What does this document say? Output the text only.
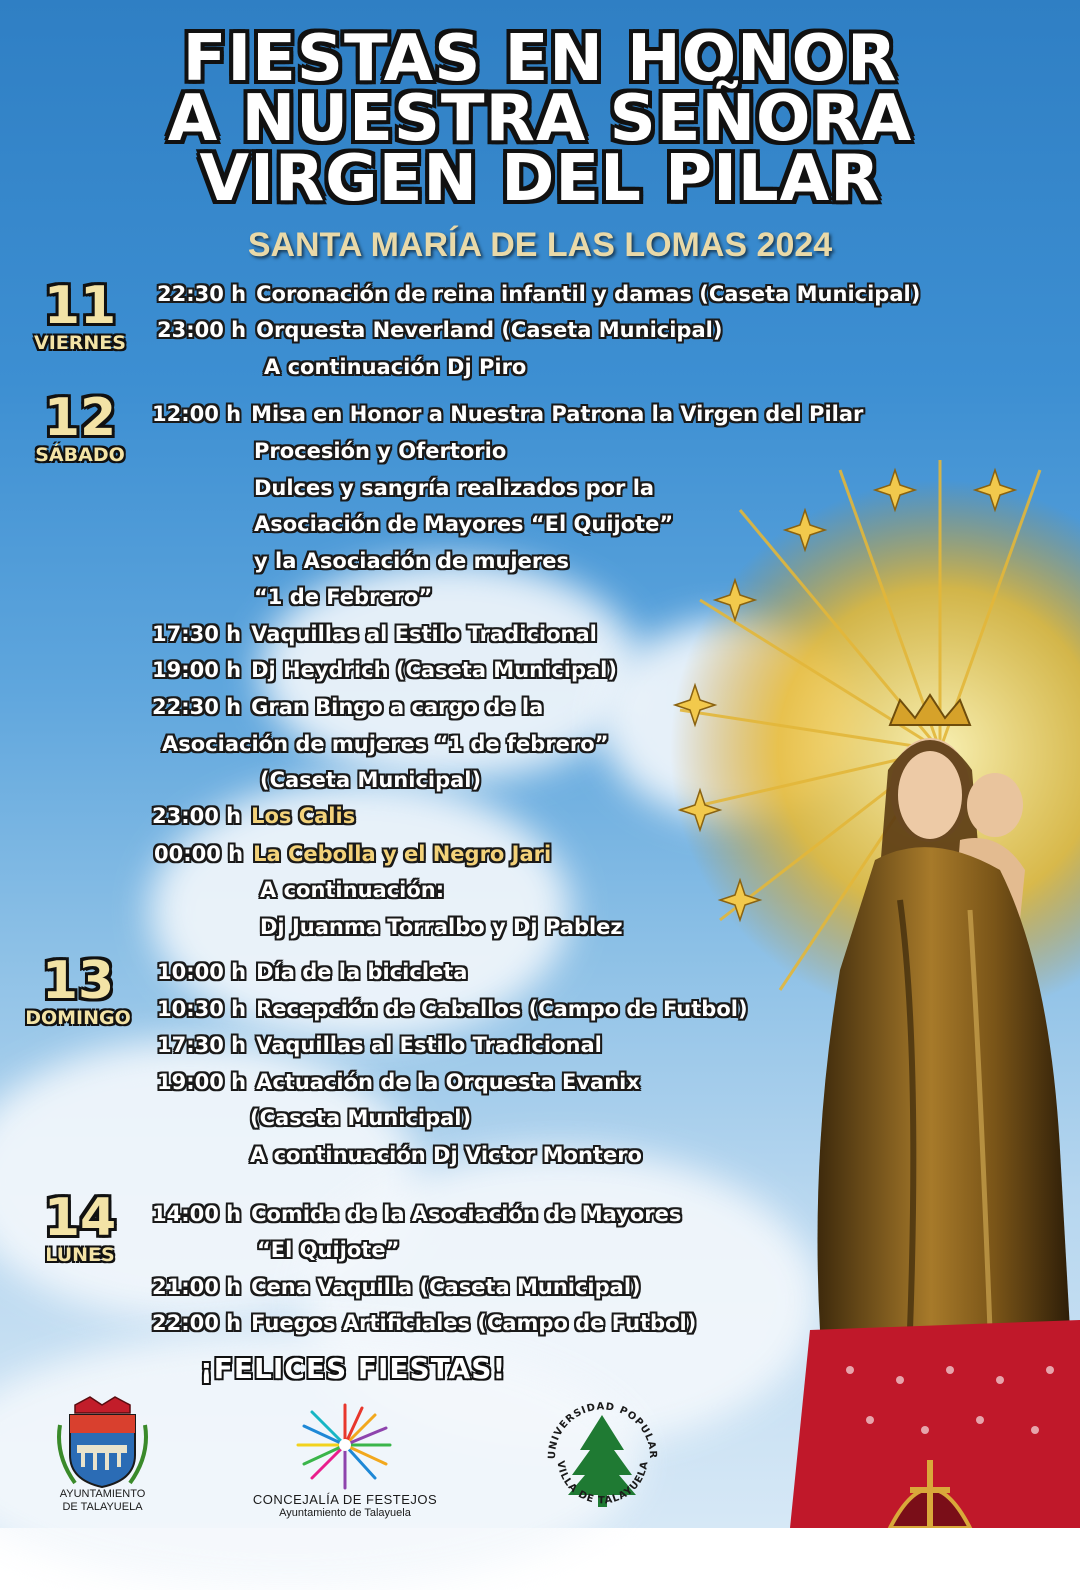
FIESTAS EN HONOR
A NUESTRA SEÑORA
VIRGEN DEL PILAR
SANTA MARÍA DE LAS LOMAS 2024
11
VIERNES
12
SÁBADO
13
DOMINGO
14
LUNES
22:30 h Coronación de reina infantil y damas (Caseta Municipal)
23:00 h Orquesta Neverland (Caseta Municipal)
A continuación Dj Piro
12:00 h Misa en Honor a Nuestra Patrona la Virgen del Pilar
Procesión y Ofertorio
Dulces y sangría realizados por la
Asociación de Mayores “El Quijote”
y la Asociación de mujeres
“1 de Febrero”
17:30 h Vaquillas al Estilo Tradicional
19:00 h Dj Heydrich (Caseta Municipal)
22:30 h Gran Bingo a cargo de la
Asociación de mujeres “1 de febrero”
(Caseta Municipal)
23:00 h Los Calis
00:00 h La Cebolla y el Negro Jari
A continuación:
Dj Juanma Torralbo y Dj Pablez
10:00 h Día de la bicicleta
10:30 h Recepción de Caballos (Campo de Futbol)
17:30 h Vaquillas al Estilo Tradicional
19:00 h Actuación de la Orquesta Evanix
(Caseta Municipal)
A continuación Dj Victor Montero
14:00 h Comida de la Asociación de Mayores
“El Quijote”
21:00 h Cena Vaquilla (Caseta Municipal)
22:00 h Fuegos Artificiales (Campo de Futbol)
¡FELICES FIESTAS!
AYUNTAMIENTO
DE TALAYUELA	CONCEJALÍA DE FESTEJOS
Ayuntamiento de Talayuela
UNIVERSIDAD POPULAR
VILLA DE TALAYUELA
